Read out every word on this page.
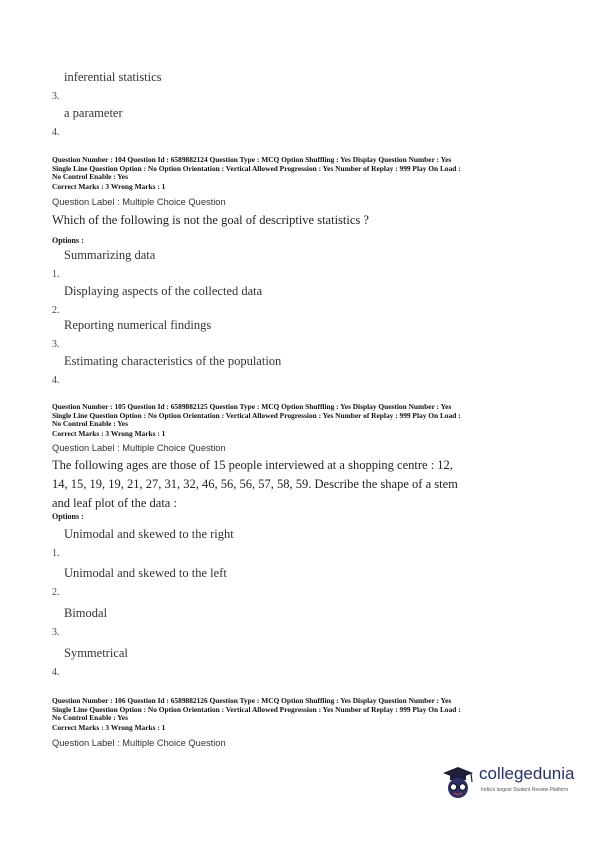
3.
inferential statistics
4.
a parameter
Question Number : 104 Question Id : 6589882124 Question Type : MCQ Option Shuffling : Yes Display Question Number : Yes
Single Line Question Option : No Option Orientation : Vertical Allowed Progression : Yes Number of Replay : 999 Play On Load :
No Control Enable : Yes
Correct Marks : 3 Wrong Marks : 1
Question Label : Multiple Choice Question
Which of the following is not the goal of descriptive statistics ?
Options :
1.
Summarizing data
2.
Displaying aspects of the collected data
3.
Reporting numerical findings
4.
Estimating characteristics of the population
Question Number : 105 Question Id : 6589882125 Question Type : MCQ Option Shuffling : Yes Display Question Number : Yes
Single Line Question Option : No Option Orientation : Vertical Allowed Progression : Yes Number of Replay : 999 Play On Load :
No Control Enable : Yes
Correct Marks : 3 Wrong Marks : 1
Question Label : Multiple Choice Question
The following ages are those of 15 people interviewed at a shopping centre : 12,
14, 15, 19, 19, 21, 27, 31, 32, 46, 56, 56, 57, 58, 59. Describe the shape of a stem
and leaf plot of the data :
Options :
1.
Unimodal and skewed to the right
2.
Unimodal and skewed to the left
3.
Bimodal
4.
Symmetrical
Question Number : 106 Question Id : 6589882126 Question Type : MCQ Option Shuffling : Yes Display Question Number : Yes
Single Line Question Option : No Option Orientation : Vertical Allowed Progression : Yes Number of Replay : 999 Play On Load :
No Control Enable : Yes
Correct Marks : 3 Wrong Marks : 1
Question Label : Multiple Choice Question
collegedunia
India's largest Student Review Platform
